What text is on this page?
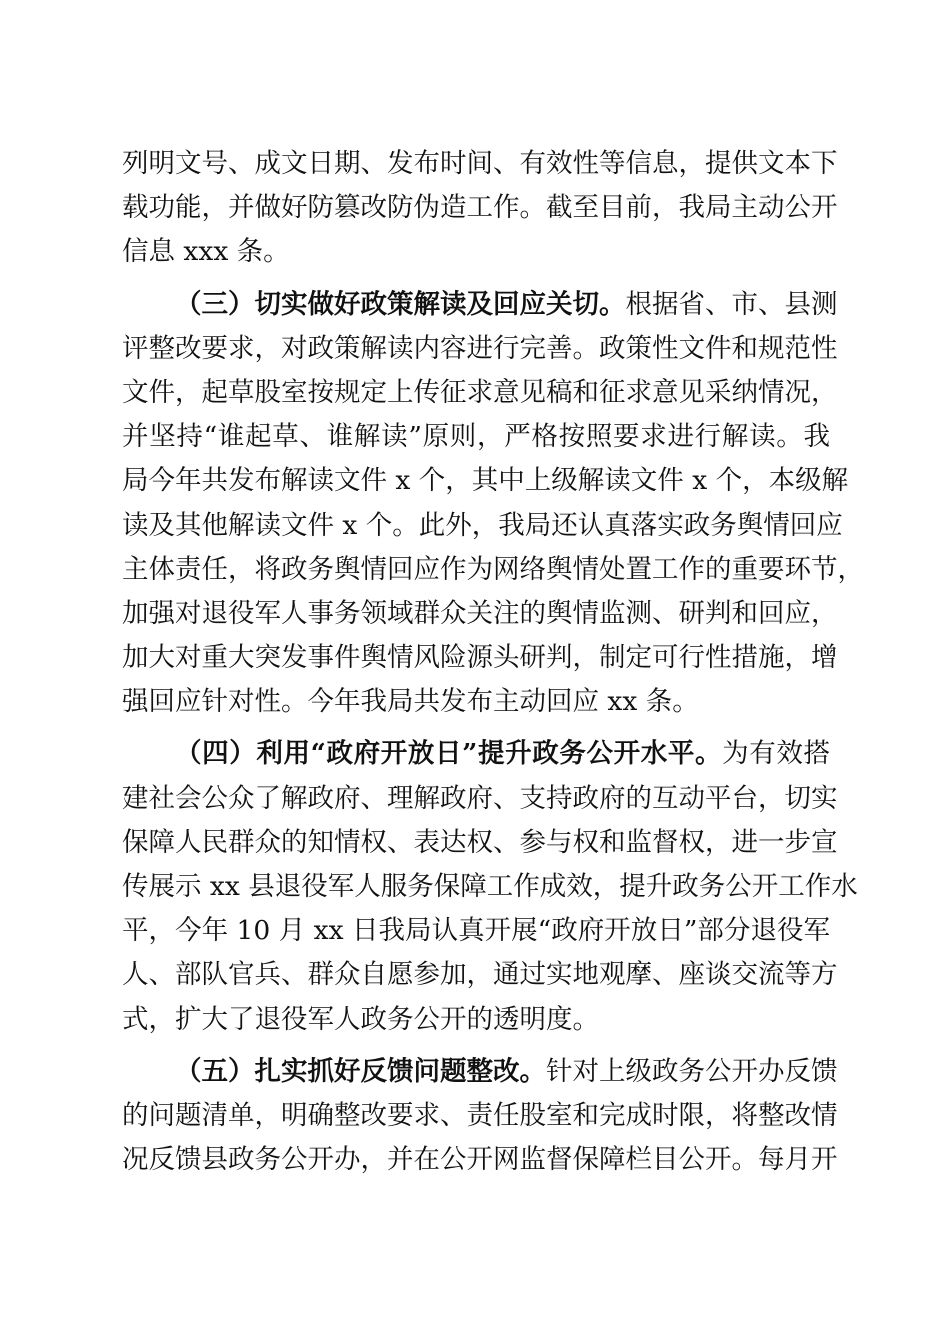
列明文号、成文日期、发布时间、有效性等信息，提供文本下
载功能，并做好防篡改防伪造工作。截至目前，我局主动公开
信息 xxx 条。
（三）切实做好政策解读及回应关切。根据省、市、县测
评整改要求，对政策解读内容进行完善。政策性文件和规范性
文件，起草股室按规定上传征求意见稿和征求意见采纳情况，
并坚持“谁起草、谁解读”原则，严格按照要求进行解读。我
局今年共发布解读文件 x 个，其中上级解读文件 x 个，本级解
读及其他解读文件 x 个。此外，我局还认真落实政务舆情回应
主体责任，将政务舆情回应作为网络舆情处置工作的重要环节，
加强对退役军人事务领域群众关注的舆情监测、研判和回应，
加大对重大突发事件舆情风险源头研判，制定可行性措施，增
强回应针对性。今年我局共发布主动回应 xx 条。
（四）利用“政府开放日”提升政务公开水平。为有效搭
建社会公众了解政府、理解政府、支持政府的互动平台，切实
保障人民群众的知情权、表达权、参与权和监督权，进一步宣
传展示 xx 县退役军人服务保障工作成效，提升政务公开工作水
平，今年 10 月 xx 日我局认真开展“政府开放日”部分退役军
人、部队官兵、群众自愿参加，通过实地观摩、座谈交流等方
式，扩大了退役军人政务公开的透明度。
（五）扎实抓好反馈问题整改。针对上级政务公开办反馈
的问题清单，明确整改要求、责任股室和完成时限，将整改情
况反馈县政务公开办，并在公开网监督保障栏目公开。每月开
